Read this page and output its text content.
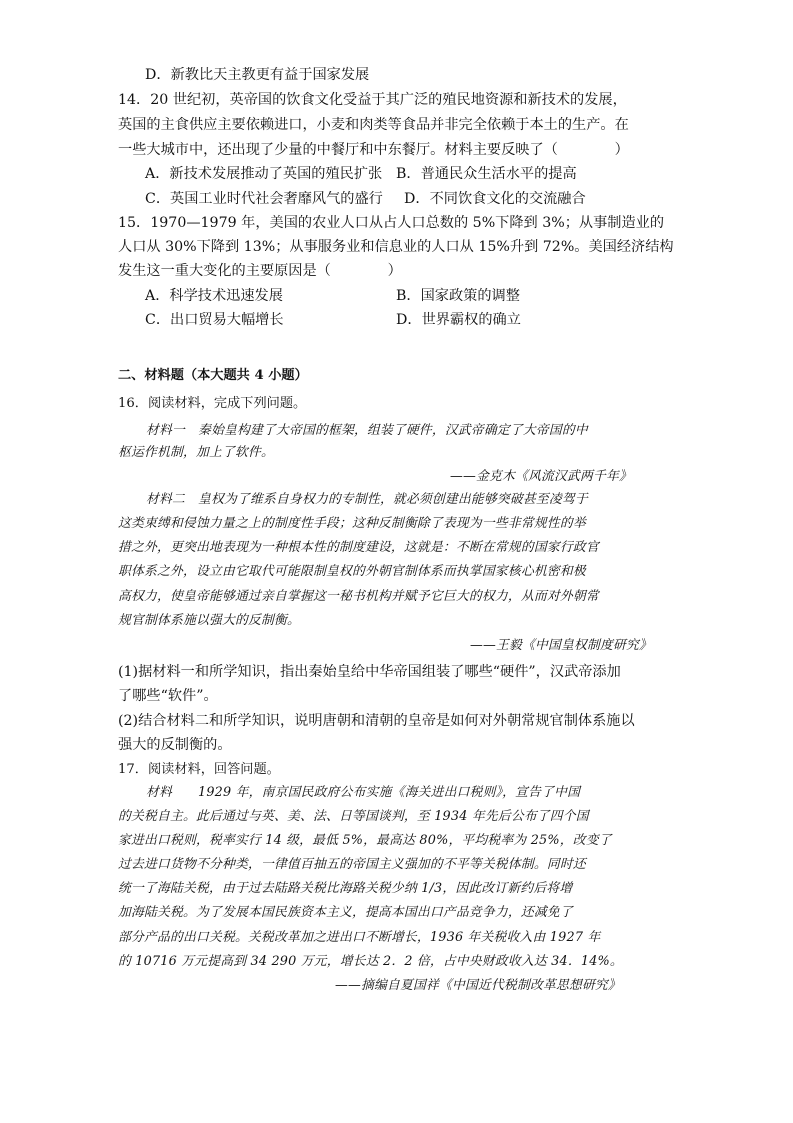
D．新教比天主教更有益于国家发展
14．20 世纪初，英帝国的饮食文化受益于其广泛的殖民地资源和新技术的发展，
英国的主食供应主要依赖进口，小麦和肉类等食品并非完全依赖于本土的生产。在
一些大城市中，还出现了少量的中餐厅和中东餐厅。材料主要反映了（　　　　）
A．新技术发展推动了英国的殖民扩张 B．普通民众生活水平的提高
C．英国工业时代社会奢靡风气的盛行 D．不同饮食文化的交流融合
15．1970—1979 年，美国的农业人口从占人口总数的 5%下降到 3%；从事制造业的
人口从 30%下降到 13%；从事服务业和信息业的人口从 15%升到 72%。美国经济结构
发生这一重大变化的主要原因是（　　　　）
A．科学技术迅速发展	B．国家政策的调整
C．出口贸易大幅增长	D．世界霸权的确立
二、材料题（本大题共 4 小题）
16．阅读材料，完成下列问题。
材料一　秦始皇构建了大帝国的框架，组装了硬件，汉武帝确定了大帝国的中
枢运作机制，加上了软件。
——金克木《风流汉武两千年》
材料二　皇权为了维系自身权力的专制性，就必须创建出能够突破甚至凌驾于
这类束缚和侵蚀力量之上的制度性手段；这种反制衡除了表现为一些非常规性的举
措之外，更突出地表现为一种根本性的制度建设，这就是：不断在常规的国家行政官
职体系之外，设立由它取代可能限制皇权的外朝官制体系而执掌国家核心机密和极
高权力，使皇帝能够通过亲自掌握这一秘书机构并赋予它巨大的权力，从而对外朝常
规官制体系施以强大的反制衡。
——王毅《中国皇权制度研究》
(1)据材料一和所学知识，指出秦始皇给中华帝国组装了哪些“硬件”，汉武帝添加
了哪些“软件”。
(2)结合材料二和所学知识，说明唐朝和清朝的皇帝是如何对外朝常规官制体系施以
强大的反制衡的。
17．阅读材料，回答问题。
材料　　1929 年，南京国民政府公布实施《海关进出口税则》，宣告了中国
的关税自主。此后通过与英、美、法、日等国谈判，至 1934 年先后公布了四个国
家进出口税则，税率实行 14 级，最低 5%，最高达 80%，平均税率为 25%，改变了
过去进口货物不分种类，一律值百抽五的帝国主义强加的不平等关税体制。同时还
统一了海陆关税，由于过去陆路关税比海路关税少纳 1/3，因此改订新约后将增
加海陆关税。为了发展本国民族资本主义，提高本国出口产品竞争力，还减免了
部分产品的出口关税。关税改革加之进出口不断增长，1936 年关税收入由 1927 年
的 10716 万元提高到 34 290 万元，增长达 2．2 倍，占中央财政收入达 34．14%。
——摘编自夏国祥《中国近代税制改革思想研究》
